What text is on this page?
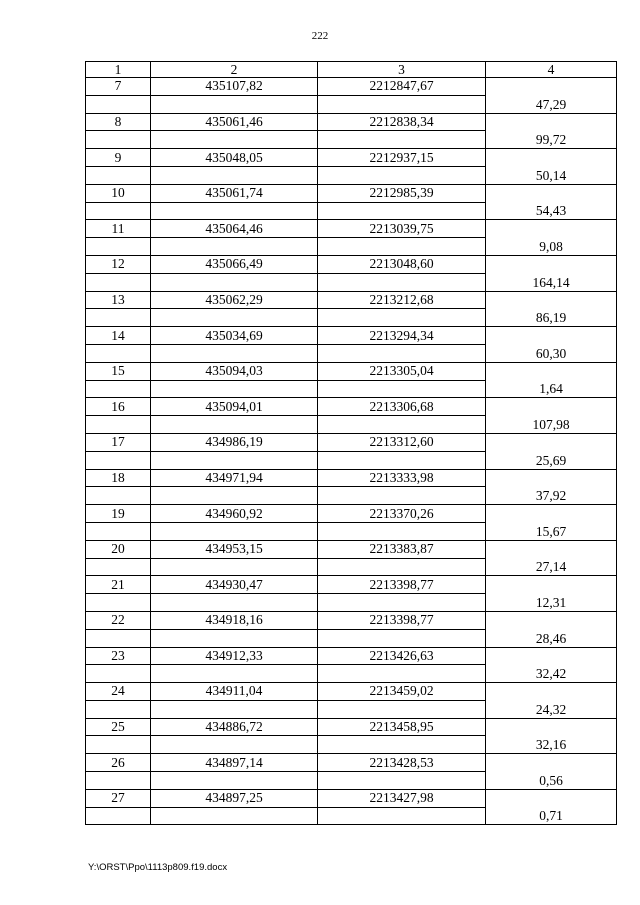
222
1	2	3	4
7	435107,82	2212847,67	47,29

8	435061,46	2212838,34	99,72

9	435048,05	2212937,15	50,14

10	435061,74	2212985,39	54,43

11	435064,46	2213039,75	9,08

12	435066,49	2213048,60	164,14

13	435062,29	2213212,68	86,19

14	435034,69	2213294,34	60,30

15	435094,03	2213305,04	1,64

16	435094,01	2213306,68	107,98

17	434986,19	2213312,60	25,69

18	434971,94	2213333,98	37,92

19	434960,92	2213370,26	15,67

20	434953,15	2213383,87	27,14

21	434930,47	2213398,77	12,31

22	434918,16	2213398,77	28,46

23	434912,33	2213426,63	32,42

24	434911,04	2213459,02	24,32

25	434886,72	2213458,95	32,16

26	434897,14	2213428,53	0,56

27	434897,25	2213427,98	0,71

Y:\ORST\Ppo\1113p809.f19.docx
